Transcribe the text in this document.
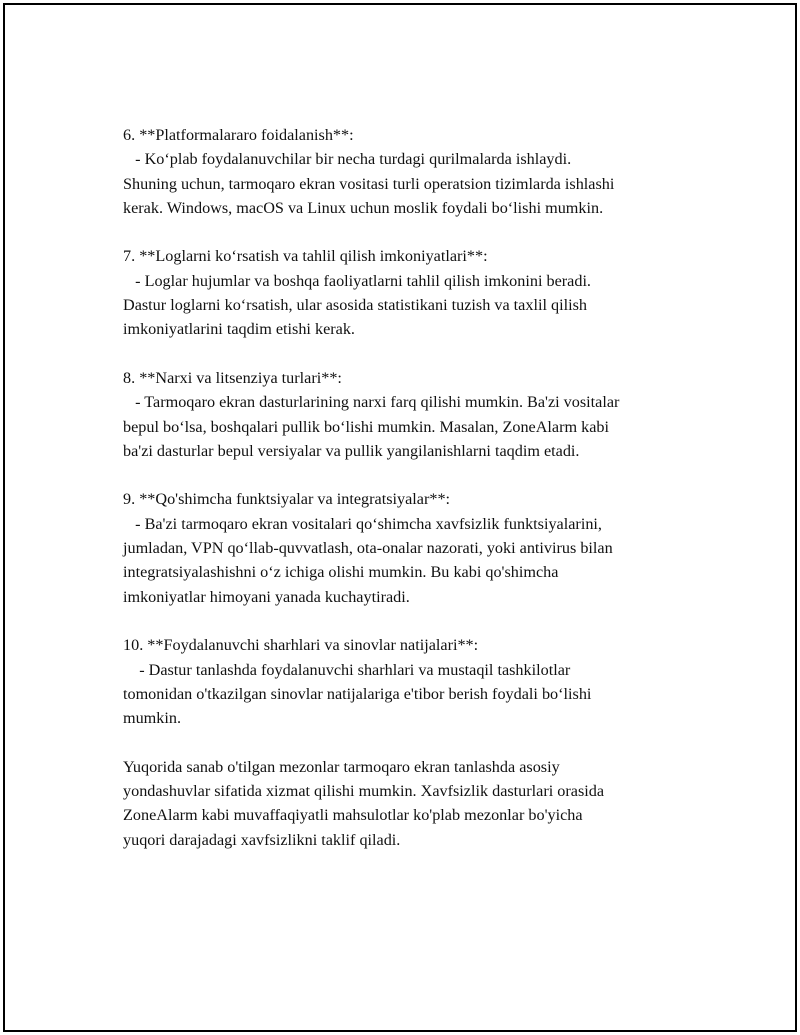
6. **Platformalararo foidalanish**:
- Ko‘plab foydalanuvchilar bir necha turdagi qurilmalarda ishlaydi.
Shuning uchun, tarmoqaro ekran vositasi turli operatsion tizimlarda ishlashi
kerak. Windows, macOS va Linux uchun moslik foydali bo‘lishi mumkin.
7. **Loglarni ko‘rsatish va tahlil qilish imkoniyatlari**:
- Loglar hujumlar va boshqa faoliyatlarni tahlil qilish imkonini beradi.
Dastur loglarni ko‘rsatish, ular asosida statistikani tuzish va taxlil qilish
imkoniyatlarini taqdim etishi kerak.
8. **Narxi va litsenziya turlari**:
- Tarmoqaro ekran dasturlarining narxi farq qilishi mumkin. Ba'zi vositalar
bepul bo‘lsa, boshqalari pullik bo‘lishi mumkin. Masalan, ZoneAlarm kabi
ba'zi dasturlar bepul versiyalar va pullik yangilanishlarni taqdim etadi.
9. **Qo'shimcha funktsiyalar va integratsiyalar**:
- Ba'zi tarmoqaro ekran vositalari qo‘shimcha xavfsizlik funktsiyalarini,
jumladan, VPN qo‘llab-quvvatlash, ota-onalar nazorati, yoki antivirus bilan
integratsiyalashishni o‘z ichiga olishi mumkin. Bu kabi qo'shimcha
imkoniyatlar himoyani yanada kuchaytiradi.
10. **Foydalanuvchi sharhlari va sinovlar natijalari**:
- Dastur tanlashda foydalanuvchi sharhlari va mustaqil tashkilotlar
tomonidan o'tkazilgan sinovlar natijalariga e'tibor berish foydali bo‘lishi
mumkin.
Yuqorida sanab o'tilgan mezonlar tarmoqaro ekran tanlashda asosiy
yondashuvlar sifatida xizmat qilishi mumkin. Xavfsizlik dasturlari orasida
ZoneAlarm kabi muvaffaqiyatli mahsulotlar ko'plab mezonlar bo'yicha
yuqori darajadagi xavfsizlikni taklif qiladi.
